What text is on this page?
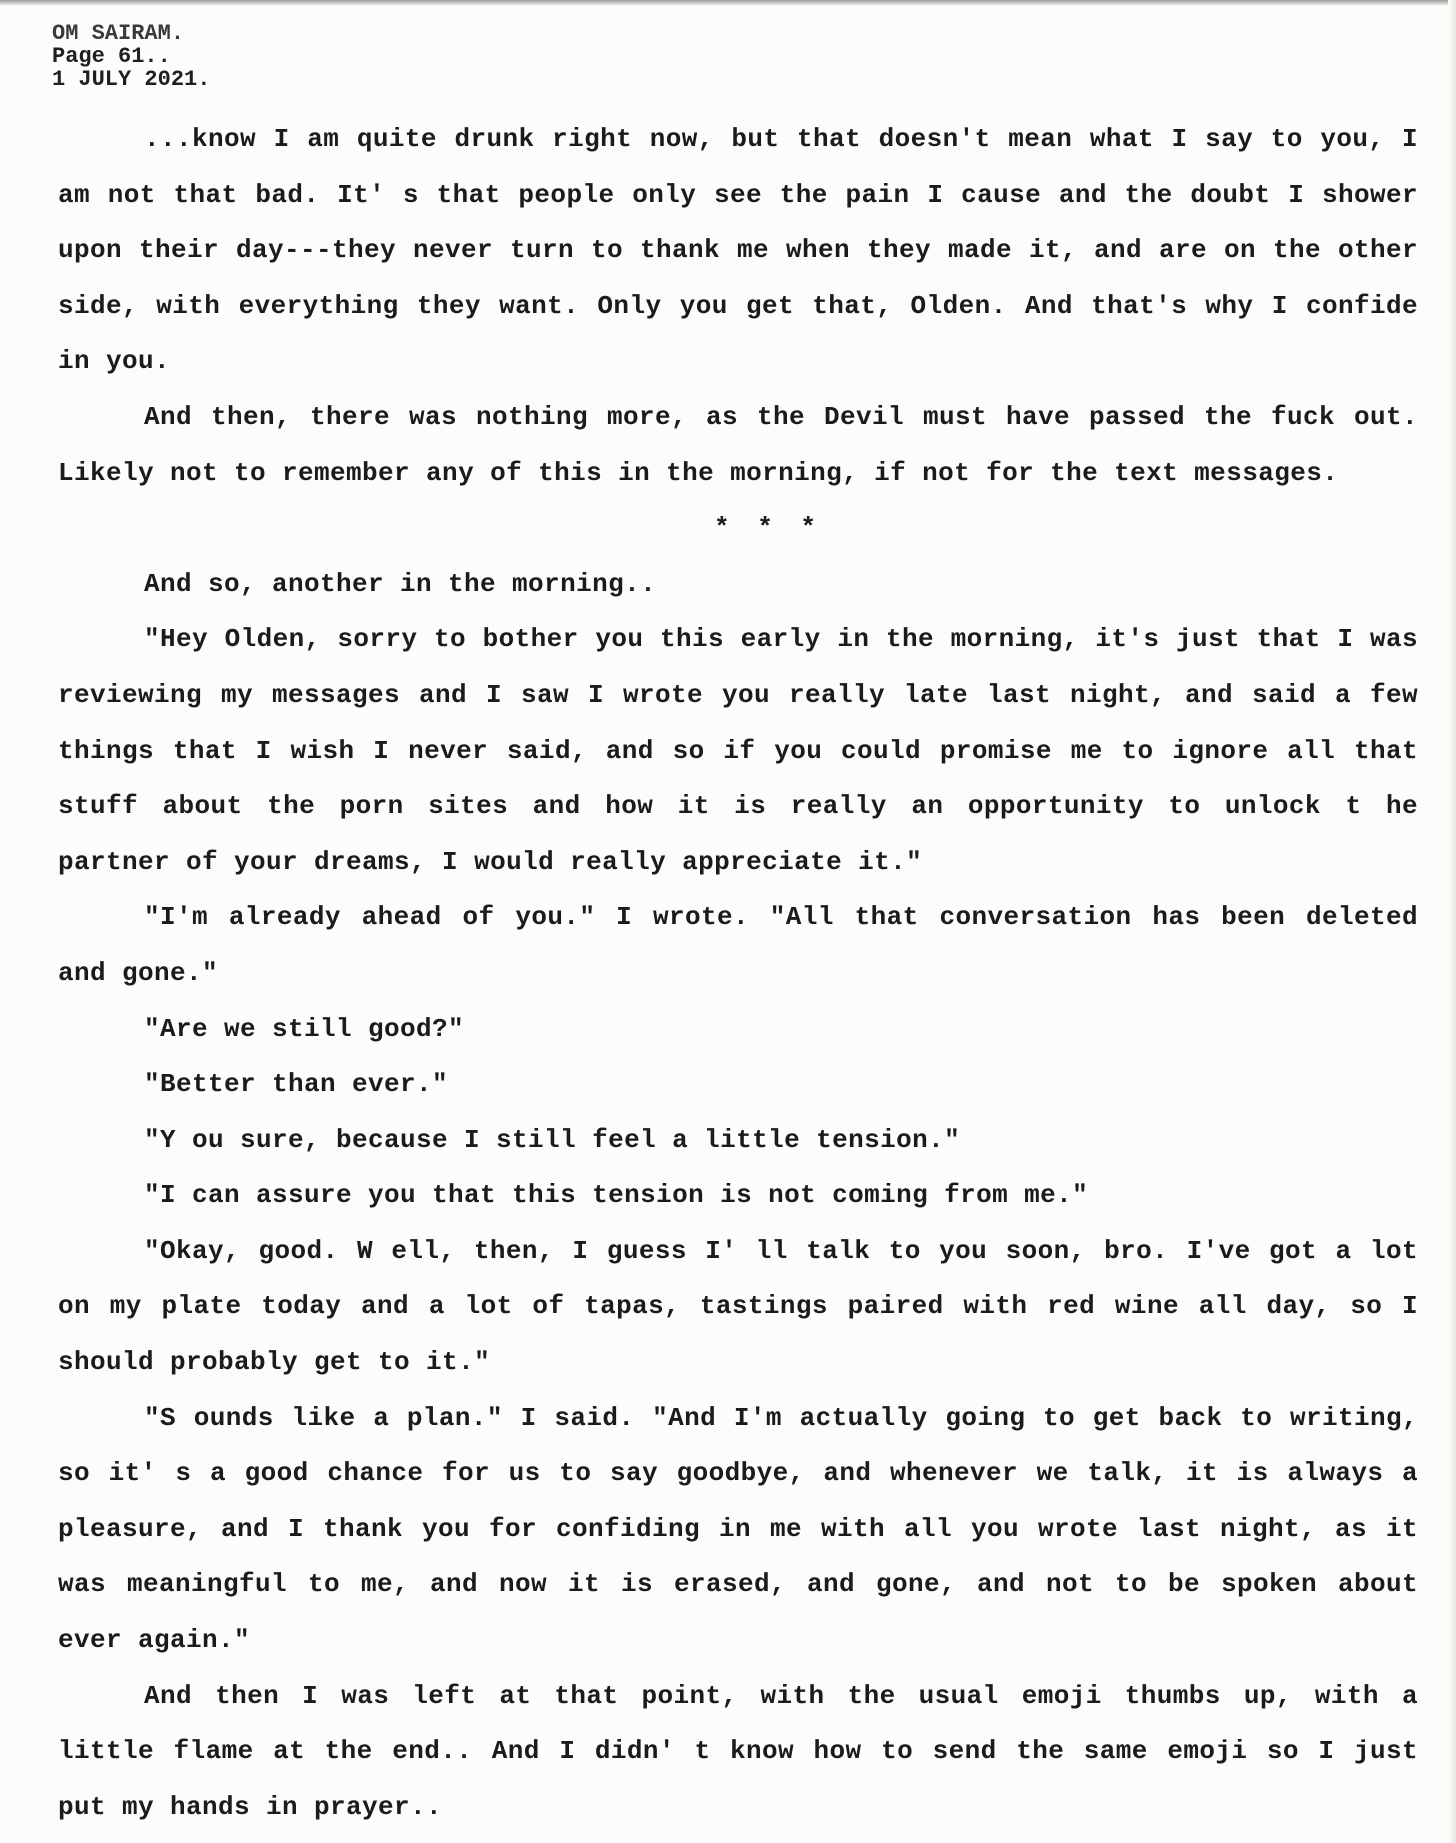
OM SAIRAM.
Page 61..
1 JULY 2021.

...know I am quite drunk right now, but that doesn't mean what I say to you, I am not that bad. It' s that people only see the pain I cause and the doubt I shower upon their day---they never turn to thank me when they made it, and are on the other side, with everything they want. Only you get that, Olden. And that's why I confide in you.

And then, there was nothing more, as the Devil must have passed the fuck out. Likely not to remember any of this in the morning, if not for the text messages.

* * *

And so, another in the morning..

"Hey Olden, sorry to bother you this early in the morning, it's just that I was reviewing my messages and I saw I wrote you really late last night, and said a few things that I wish I never said, and so if you could promise me to ignore all that stuff about the porn sites and how it is really an opportunity to unlock t he partner of your dreams, I would really appreciate it."

"I'm already ahead of you." I wrote. "All that conversation has been deleted and gone."

"Are we still good?"

"Better than ever."

"Y ou sure, because I still feel a little tension."

"I can assure you that this tension is not coming from me."

"Okay, good. W ell, then, I guess I' ll talk to you soon, bro. I've got a lot on my plate today and a lot of tapas, tastings paired with red wine all day, so I should probably get to it."

"S ounds like a plan." I said. "And I'm actually going to get back to writing, so it' s a good chance for us to say goodbye, and whenever we talk, it is always a pleasure, and I thank you for confiding in me with all you wrote last night, as it was meaningful to me, and now it is erased, and gone, and not to be spoken about ever again."

And then I was left at that point, with the usual emoji thumbs up, with a little flame at the end.. And I didn' t know how to send the same emoji so I just put my hands in prayer..
